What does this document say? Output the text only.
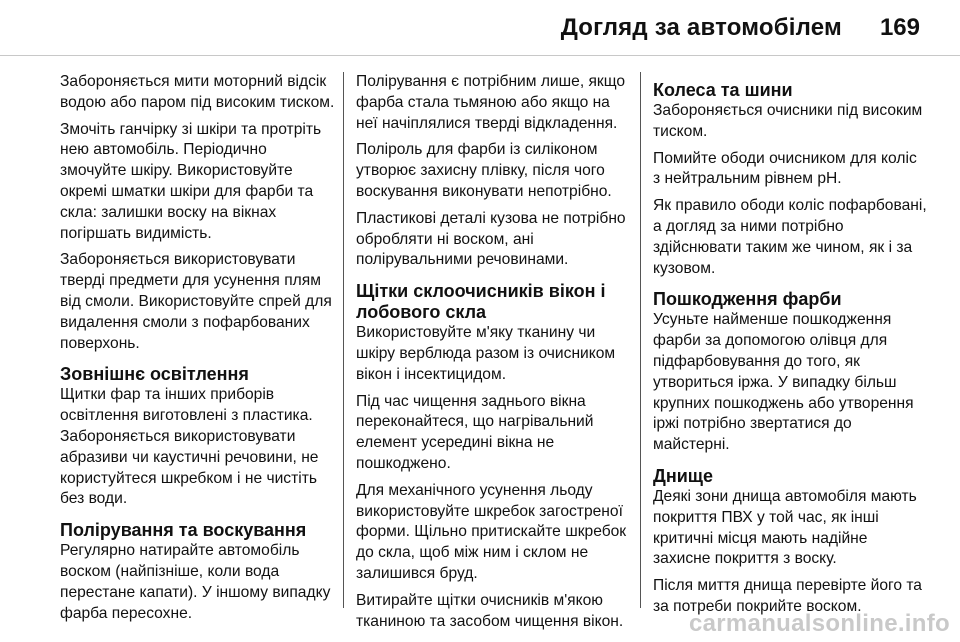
Догляд за автомобілем 169

Забороняється мити моторний відсік водою або паром під високим тиском.

Змочіть ганчірку зі шкіри та протріть нею автомобіль. Періодично змочуйте шкіру. Використовуйте окремі шматки шкіри для фарби та скла: залишки воску на вікнах погіршать видимість.

Забороняється використовувати тверді предмети для усунення плям від смоли. Використовуйте спрей для видалення смоли з пофарбованих поверхонь.

Зовнішнє освітлення

Щитки фар та інших приборів освітлення виготовлені з пластика. Забороняється використовувати абразиви чи каустичні речовини, не користуйтеся шкребком і не чистіть без води.

Полірування та воскування

Регулярно натирайте автомобіль воском (найпізніше, коли вода перестане капати). У іншому випадку фарба пересохне.

Полірування є потрібним лише, якщо фарба стала тьмяною або якщо на неї начіплялися тверді відкладення.

Поліроль для фарби із силіконом утворює захисну плівку, після чого воскування виконувати непотрібно.

Пластикові деталі кузова не потрібно обробляти ні воском, ані полірувальними речовинами.

Щітки склоочисників вікон і лобового скла

Використовуйте м'яку тканину чи шкіру верблюда разом із очисником вікон і інсектицидом.

Під час чищення заднього вікна переконайтеся, що нагрівальний елемент усередині вікна не пошкоджено.

Для механічного усунення льоду використовуйте шкребок загостреної форми. Щільно притискайте шкребок до скла, щоб між ним і склом не залишився бруд.

Витирайте щітки очисників м'якою тканиною та засобом чищення вікон.

Колеса та шини

Забороняється очисники під високим тиском.

Помийте ободи очисником для коліс з нейтральним рівнем pH.

Як правило ободи коліс пофарбовані, а догляд за ними потрібно здійснювати таким же чином, як і за кузовом.

Пошкодження фарби

Усуньте найменше пошкодження фарби за допомогою олівця для підфарбовування до того, як утвориться іржа. У випадку більш крупних пошкоджень або утворення іржі потрібно звертатися до майстерні.

Днище

Деякі зони днища автомобіля мають покриття ПВХ у той час, як інші критичні місця мають надійне захисне покриття з воску.

Після миття днища перевірте його та за потреби покрийте воском.

carmanualsonline.info
